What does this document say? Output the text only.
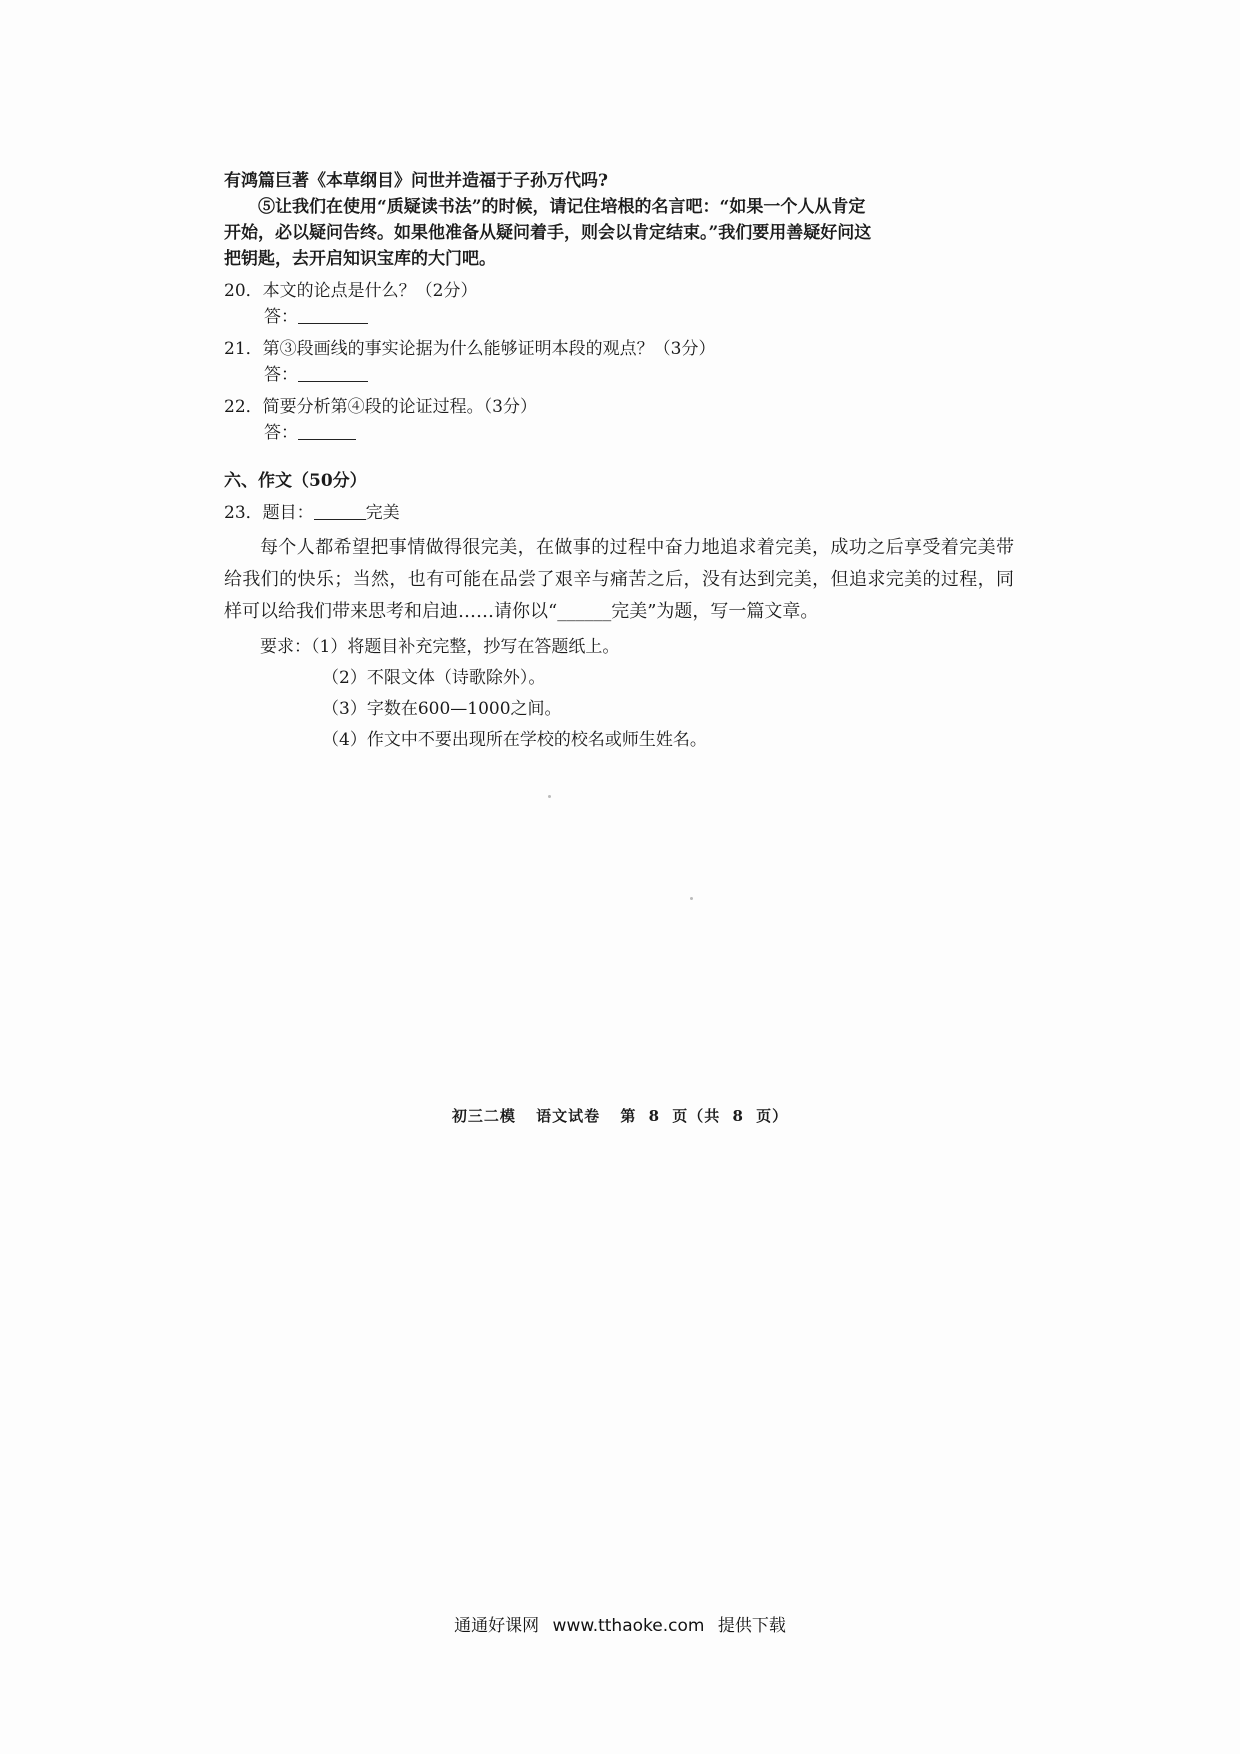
有鸿篇巨著《本草纲目》问世并造福于子孙万代吗?
⑤让我们在使用“质疑读书法”的时候，请记住培根的名言吧：“如果一个人从肯定
开始，必以疑问告终。如果他准备从疑问着手，则会以肯定结束。”我们要用善疑好问这
把钥匙，去开启知识宝库的大门吧。
20．本文的论点是什么？（2分）
答：
21．第③段画线的事实论据为什么能够证明本段的观点？（3分）
答：
22．简要分析第④段的论证过程。（3分）
答：
六、作文（50分）
23．题目：	完美
每个人都希望把事情做得很完美，在做事的过程中奋力地追求着完美，成功之后享受着完美带给我们的快乐；当然，也有可能在品尝了艰辛与痛苦之后，没有达到完美，但追求完美的过程，同样可以给我们带来思考和启迪……请你以“______完美”为题，写一篇文章。
要求：（1）将题目补充完整，抄写在答题纸上。
（2）不限文体（诗歌除外）。
（3）字数在600—1000之间。
（4）作文中不要出现所在学校的校名或师生姓名。
初三二模 语文试卷 第 8 页（共 8 页）
通通好课网 www.tthaoke.com 提供下载
